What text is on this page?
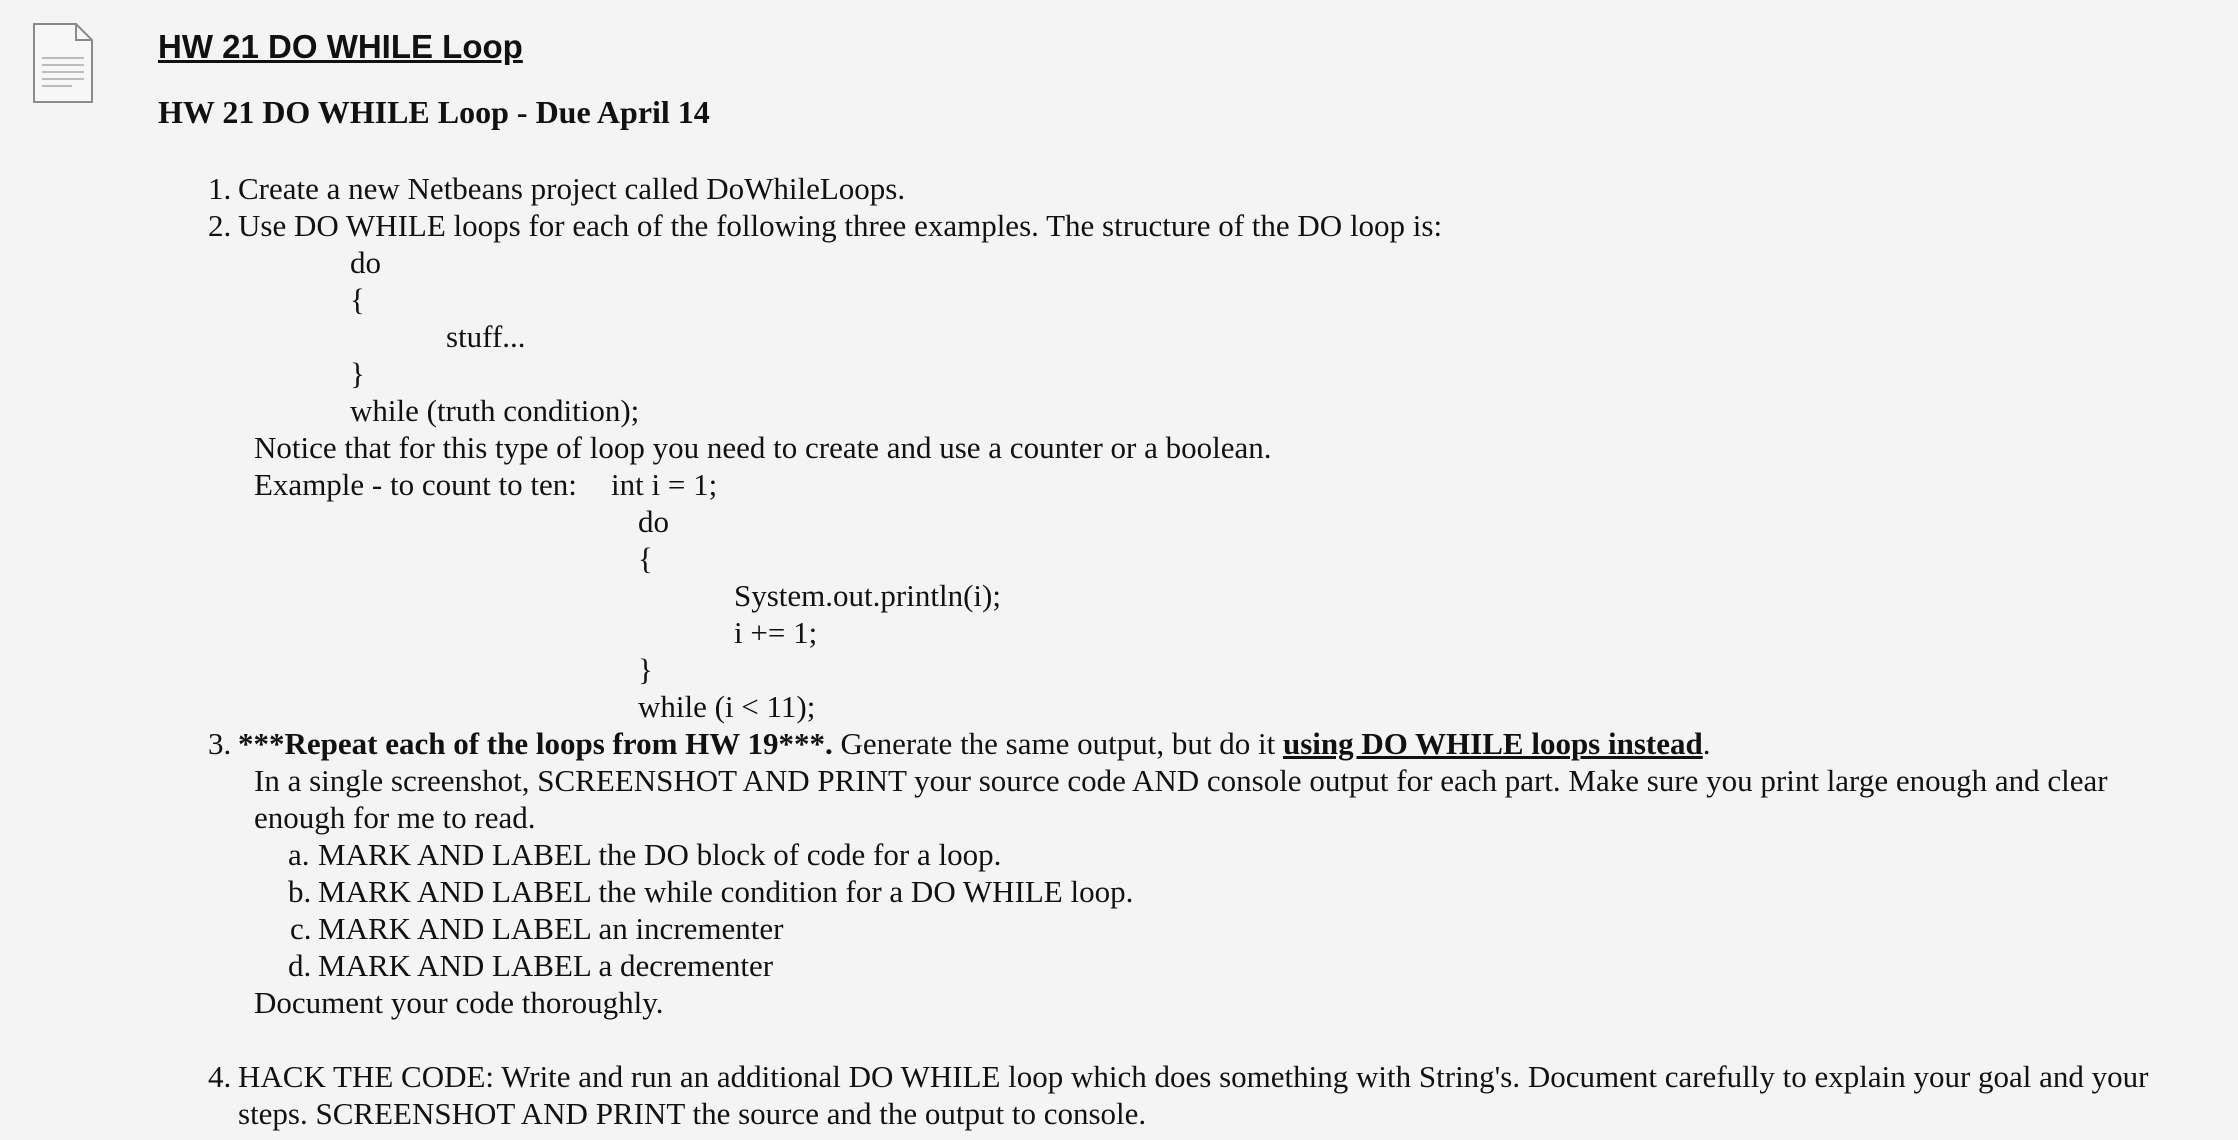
HW 21 DO WHILE Loop
HW 21 DO WHILE Loop - Due April 14
1. Create a new Netbeans project called DoWhileLoops.
2. Use DO WHILE loops for each of the following three examples. The structure of the DO loop is:
do
{
stuff...
}
while (truth condition);
Notice that for this type of loop you need to create and use a counter or a boolean.
Example - to count to ten: int i = 1;
do
{
System.out.println(i);
i += 1;
}
while (i < 11);
3. ***Repeat each of the loops from HW 19***. Generate the same output, but do it using DO WHILE loops instead.
In a single screenshot, SCREENSHOT AND PRINT your source code AND console output for each part. Make sure you print large enough and clear
enough for me to read.
a. MARK AND LABEL the DO block of code for a loop.
b. MARK AND LABEL the while condition for a DO WHILE loop.
c. MARK AND LABEL an incrementer
d. MARK AND LABEL a decrementer
Document your code thoroughly.
4. HACK THE CODE: Write and run an additional DO WHILE loop which does something with String's. Document carefully to explain your goal and your
steps. SCREENSHOT AND PRINT the source and the output to console.
